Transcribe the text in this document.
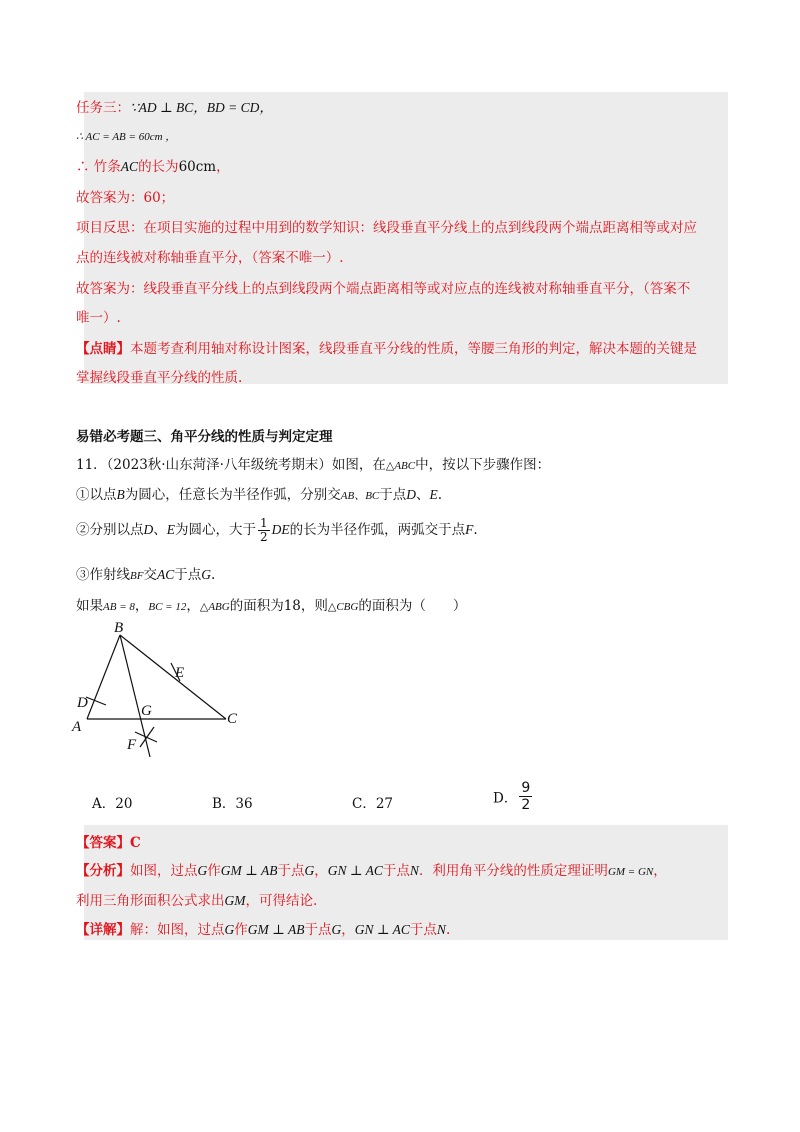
任务三：∵AD ⊥ BC，BD = CD，
∴ AC = AB = 60cm ，
∴ 竹条AC的长为60cm，
故答案为：60；
项目反思：在项目实施的过程中用到的数学知识：线段垂直平分线上的点到线段两个端点距离相等或对应
点的连线被对称轴垂直平分，（答案不唯一）.
故答案为：线段垂直平分线上的点到线段两个端点距离相等或对应点的连线被对称轴垂直平分，（答案不
唯一）.
【点睛】本题考查利用轴对称设计图案，线段垂直平分线的性质，等腰三角形的判定，解决本题的关键是
掌握线段垂直平分线的性质.
易错必考题三、角平分线的性质与判定定理
11．（2023秋·山东菏泽·八年级统考期末）如图，在△ABC中，按以下步骤作图：
①以点B为圆心，任意长为半径作弧，分别交AB、BC于点D、E.
②分别以点D、E为圆心，大于 $\frac{1}{2}$ DE的长为半径作弧，两弧交于点F.
③作射线BF交AC于点G.
如果AB = 8，BC = 12，△ABG的面积为18，则△CBG的面积为（　　）
B
E
D	G
A	C
F
A．20	B．36	C．27	D． $\frac{9}{2}$
【答案】C
【分析】如图，过点G作GM ⊥ AB于点G，GN ⊥ AC于点N．利用角平分线的性质定理证明GM = GN，
利用三角形面积公式求出GM，可得结论.
【详解】解：如图，过点G作GM ⊥ AB于点G，GN ⊥ AC于点N.
